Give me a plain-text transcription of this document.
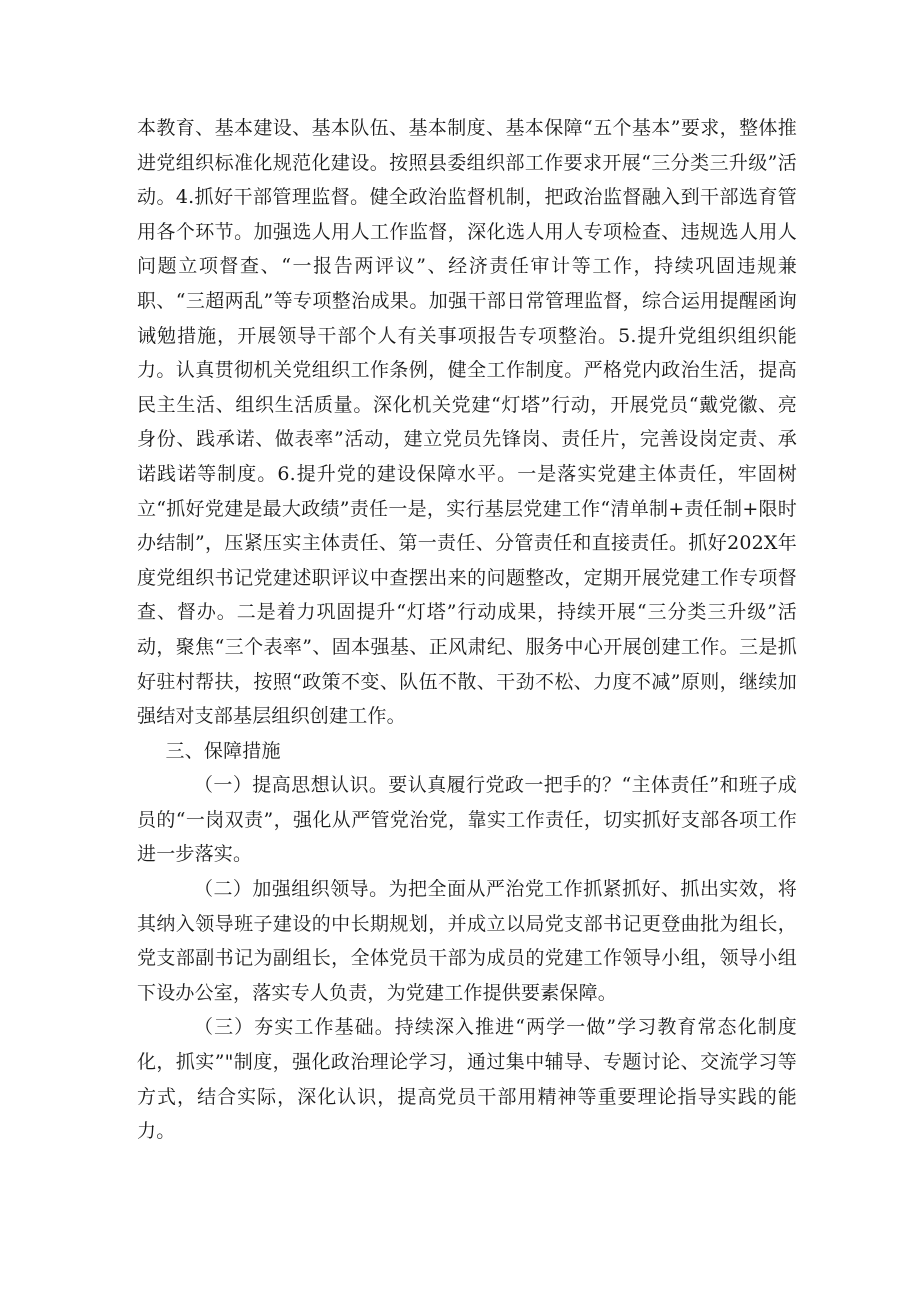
本教育、基本建设、基本队伍、基本制度、基本保障“五个基本”要求，整体推进党组织标准化规范化建设。按照县委组织部工作要求开展“三分类三升级”活动。4.抓好干部管理监督。健全政治监督机制，把政治监督融入到干部选育管用各个环节。加强选人用人工作监督，深化选人用人专项检查、违规选人用人问题立项督查、“一报告两评议”、经济责任审计等工作，持续巩固违规兼职、“三超两乱”等专项整治成果。加强干部日常管理监督，综合运用提醒函询诫勉措施，开展领导干部个人有关事项报告专项整治。5.提升党组织组织能力。认真贯彻机关党组织工作条例，健全工作制度。严格党内政治生活，提高民主生活、组织生活质量。深化机关党建“灯塔”行动，开展党员“戴党徽、亮身份、践承诺、做表率”活动，建立党员先锋岗、责任片，完善设岗定责、承诺践诺等制度。6.提升党的建设保障水平。一是落实党建主体责任，牢固树立“抓好党建是最大政绩”责任一是，实行基层党建工作“清单制+责任制+限时办结制”，压紧压实主体责任、第一责任、分管责任和直接责任。抓好202X年度党组织书记党建述职评议中查摆出来的问题整改，定期开展党建工作专项督查、督办。二是着力巩固提升“灯塔”行动成果，持续开展“三分类三升级”活动，聚焦“三个表率”、固本强基、正风肃纪、服务中心开展创建工作。三是抓好驻村帮扶，按照“政策不变、队伍不散、干劲不松、力度不减”原则，继续加强结对支部基层组织创建工作。

三、保障措施

（一）提高思想认识。要认真履行党政一把手的？“主体责任”和班子成员的“一岗双责”，强化从严管党治党，靠实工作责任，切实抓好支部各项工作进一步落实。

（二）加强组织领导。为把全面从严治党工作抓紧抓好、抓出实效，将其纳入领导班子建设的中长期规划，并成立以局党支部书记更登曲批为组长，党支部副书记为副组长，全体党员干部为成员的党建工作领导小组，领导小组下设办公室，落实专人负责，为党建工作提供要素保障。

（三）夯实工作基础。持续深入推进“两学一做”学习教育常态化制度化，抓实”"制度，强化政治理论学习，通过集中辅导、专题讨论、交流学习等方式，结合实际，深化认识，提高党员干部用精神等重要理论指导实践的能力。
